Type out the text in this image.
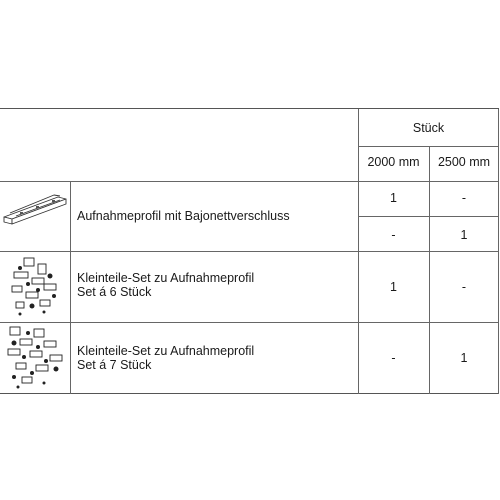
Stück
2000 mm	2500 mm
Aufnahmeprofil mit Bajonettverschluss
1	-
-	1
Kleinteile-Set zu Aufnahmeprofil
Set á 6 Stück	1	-
Kleinteile-Set zu Aufnahmeprofil
Set á 7 Stück	-	1
